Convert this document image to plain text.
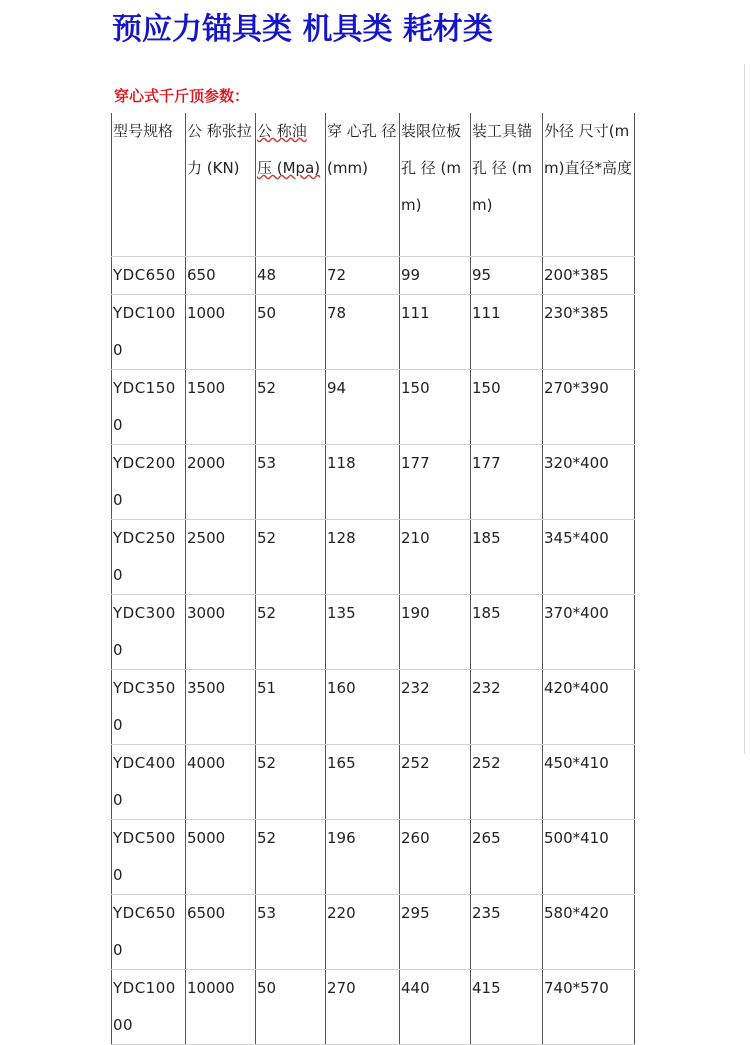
预应力锚具类 机具类 耗材类
穿心式千斤顶参数：
型号规格	公 称张拉力 (KN)	公 称油 压 (Mpa)	穿 心孔 径 (mm)	装限位板孔 径 (mm)	装工具锚孔 径 (mm)	外径 尺寸(mm)直径*高度
YDC650	650	48	72	99	95	200*385
YDC1000	1000	50	78	111	111	230*385
YDC1500	1500	52	94	150	150	270*390
YDC2000	2000	53	118	177	177	320*400
YDC2500	2500	52	128	210	185	345*400
YDC3000	3000	52	135	190	185	370*400
YDC3500	3500	51	160	232	232	420*400
YDC4000	4000	52	165	252	252	450*410
YDC5000	5000	52	196	260	265	500*410
YDC6500	6500	53	220	295	235	580*420
YDC10000	10000	50	270	440	415	740*570
